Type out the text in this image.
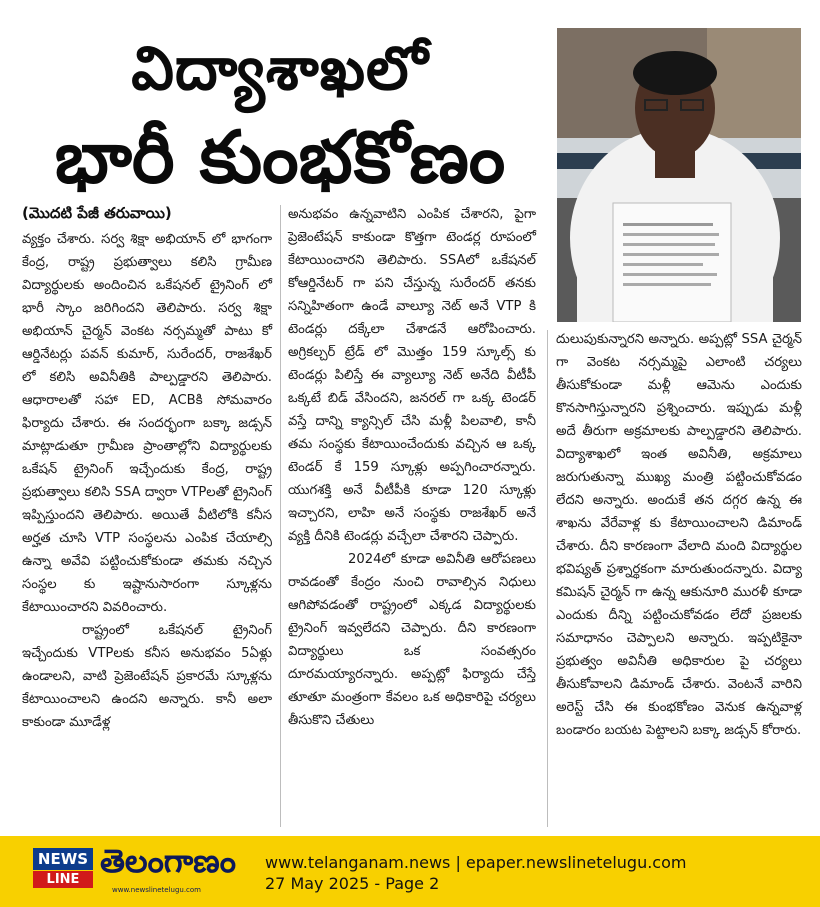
విద్యాశాఖలో
భారీ కుంభకోణం
(మొదటి పేజీ తరువాయి)

వ్యక్తం చేశారు. సర్వ శిక్షా అభియాన్ లో భాగంగా కేంద్ర, రాష్ట్ర ప్రభుత్వాలు కలిసి గ్రామీణ విద్యార్థులకు అందించిన ఒకేషనల్ ట్రైనింగ్ లో భారీ స్కాం జరిగిందని తెలిపారు. సర్వ శిక్షా అభియాన్ చైర్మన్ వెంకట నర్సమ్మతో పాటు కో ఆర్డినేటర్లు పవన్ కుమార్, సురేందర్, రాజశేఖర్ లో కలిసి అవినీతికి పాల్పడ్డారని తెలిపారు. ఆధారాలతో సహా ED, ACBకి సోమవారం ఫిర్యాదు చేశారు. ఈ సందర్భంగా బక్కా జడ్సన్ మాట్లాడుతూ గ్రామీణ ప్రాంతాల్లోని విద్యార్థులకు ఒకేషన్ ట్రైనింగ్ ఇచ్చేందుకు కేంద్ర, రాష్ట్ర ప్రభుత్వాలు కలిసి SSA ద్వారా VTPలతో ట్రైనింగ్ ఇప్పిస్తుందని తెలిపారు. అయితే వీటిలోకి కనీస అర్హత చూసి VTP సంస్థలను ఎంపిక చేయాల్సి ఉన్నా అవేవి పట్టించుకోకుండా తమకు నచ్చిన సంస్థల కు ఇష్టానుసారంగా స్కూళ్లను కేటాయించారని వివరించారు.

రాష్ట్రంలో ఒకేషనల్ ట్రైనింగ్ ఇచ్చేందుకు VTPలకు కనీస అనుభవం 5ఏళ్లు ఉండాలని, వాటి ప్రెజెంటేషన్ ప్రకారమే స్కూళ్లను కేటాయించాలని ఉందని అన్నారు. కానీ అలా కాకుండా మూడేళ్ల

అనుభవం ఉన్నవాటిని ఎంపిక చేశారని, పైగా ప్రెజెంటేషన్ కాకుండా కొత్తగా టెండర్ల రూపంలో కేటాయించారని తెలిపారు. SSAలో ఒకేషనల్ కోఆర్డినేటర్ గా పని చేస్తున్న సురేందర్ తనకు సన్నిహితంగా ఉండే వాల్యూ నెట్ అనే VTP కి టెండర్లు దక్కేలా చేశాడనే ఆరోపించారు. అగ్రికల్చర్ ట్రేడ్ లో మొత్తం 159 స్కూల్స్ కు టెండర్లు పిలిస్తే ఈ వ్యాల్యూ నెట్ అనేది వీటీపీ ఒక్కటే బిడ్ వేసిందని, జనరల్ గా ఒక్క టెండర్ వస్తే దాన్ని క్యాన్సిల్ చేసి మళ్లీ పిలవాలి, కానీ తమ సంస్థకు కేటాయించేందుకు వచ్చిన ఆ ఒక్క టెండర్ కే 159 స్కూళ్లు అప్పగించారన్నారు. యుగశక్తి అనే వీటీపీకి కూడా 120 స్కూళ్లు ఇచ్చారని, లాహి అనే సంస్థకు రాజశేఖర్ అనే వ్యక్తి దీనికి టెండర్లు వచ్చేలా చేశారని చెప్పారు.

2024లో కూడా అవినీతి ఆరోపణలు రావడంతో కేంద్రం నుంచి రావాల్సిన నిధులు ఆగిపోవడంతో రాష్ట్రంలో ఎక్కడ విద్యార్థులకు ట్రైనింగ్ ఇవ్వలేదని చెప్పారు. దీని కారణంగా విద్యార్థులు ఒక సంవత్సరం దూరమయ్యారన్నారు. అప్పట్లో ఫిర్యాదు చేస్తే తూతూ మంత్రంగా కేవలం ఒక అధికారిపై చర్యలు తీసుకొని చేతులు

దులుపుకున్నారని అన్నారు. అప్పట్లో SSA చైర్మన్ గా వెంకట నర్సమ్మపై ఎలాంటి చర్యలు తీసుకోకుండా మళ్లీ ఆమెను ఎందుకు కొనసాగిస్తున్నారని ప్రశ్నించారు. ఇప్పుడు మళ్లీ అదే తీరుగా అక్రమాలకు పాల్పడ్డారని తెలిపారు. విద్యాశాఖలో ఇంత అవినీతి, అక్రమాలు జరుగుతున్నా ముఖ్య మంత్రి పట్టించుకోవడం లేదని అన్నారు. అందుకే తన దగ్గర ఉన్న ఈ శాఖను వేరేవాళ్ల కు కేటాయించాలని డిమాండ్ చేశారు. దీని కారణంగా వేలాది మంది విద్యార్థుల భవిష్యత్ ప్రశ్నార్థకంగా మారుతుందన్నారు. విద్యా కమిషన్ చైర్మన్ గా ఉన్న ఆకునూరి మురళీ కూడా ఎందుకు దీన్ని పట్టించుకోవడం లేదో ప్రజలకు సమాధానం చెప్పాలని అన్నారు. ఇప్పటికైనా ప్రభుత్వం అవినీతి అధికారుల పై చర్యలు తీసుకోవాలని డిమాండ్ చేశారు. వెంటనే వారిని అరెస్ట్ చేసి ఈ కుంభకోణం వెనుక ఉన్నవాళ్ల బండారం బయట పెట్టాలని బక్కా జడ్సన్ కోరారు.

NEWS
LINE తెలంగాణం
www.newslinetelugu.com
www.telanganam.news | epaper.newslinetelugu.com
27 May 2025 - Page 2
